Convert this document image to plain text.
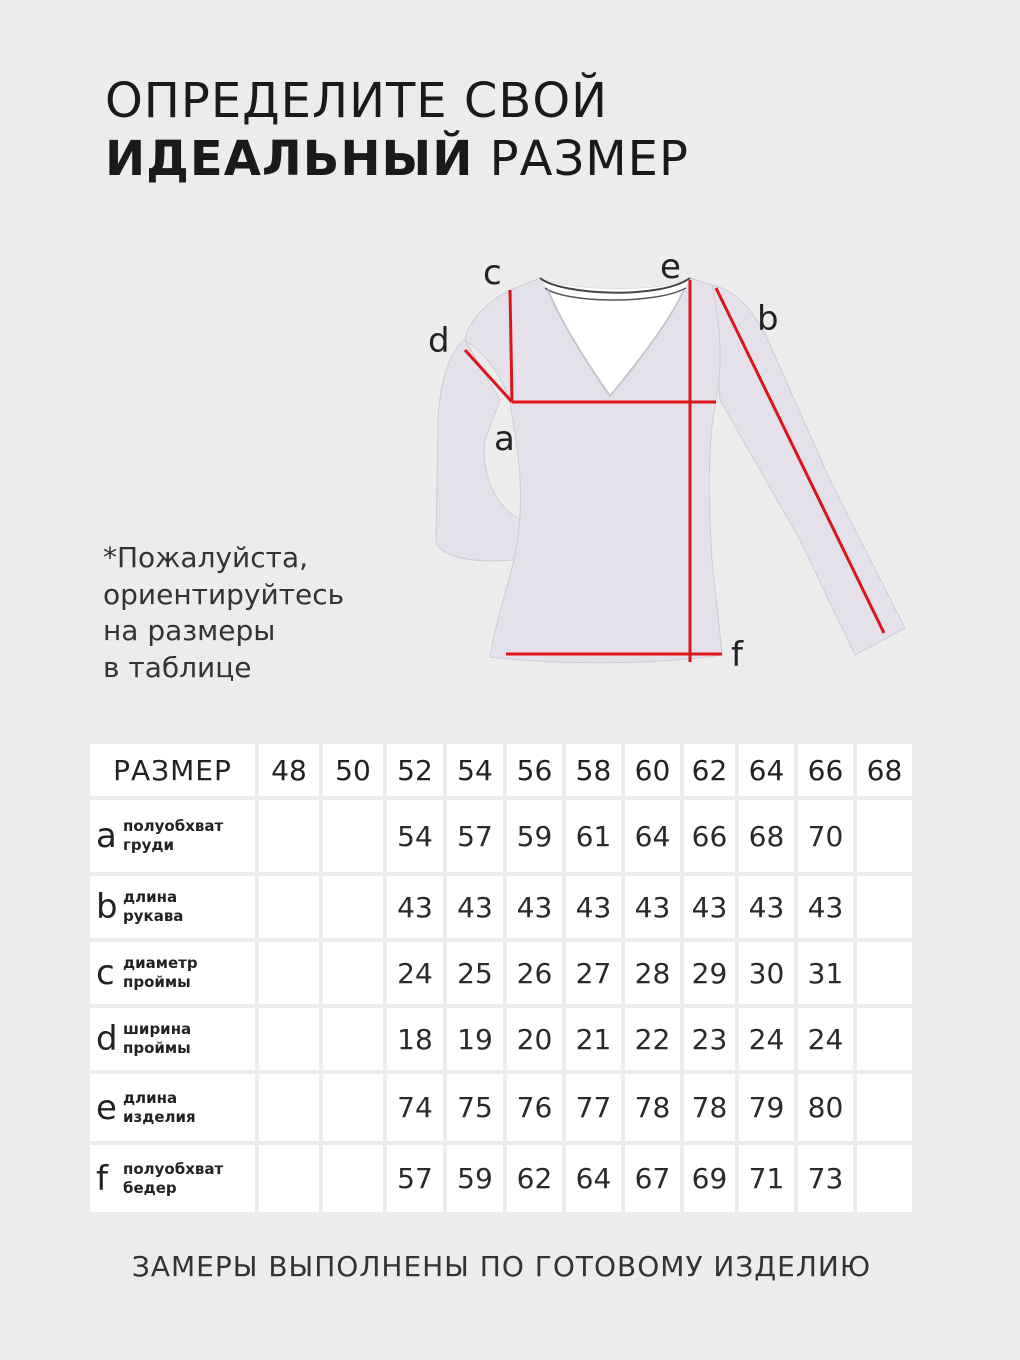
ОПРЕДЕЛИТЕ СВОЙ
ИДЕАЛЬНЫЙ РАЗМЕР
c	e
b
d
a
f
*Пожалуйста,
ориентируйтесь
на размеры
в таблице
РАЗМЕР	48	50	52	54	56	58	60	62	64	66	68

a полуобхват
груди			54	57	59	61	64	66	68	70	

b длина
рукава			43	43	43	43	43	43	43	43	

c диаметр
проймы			24	25	26	27	28	29	30	31	

d ширина
проймы			18	19	20	21	22	23	24	24	

e длина
изделия			74	75	76	77	78	78	79	80	

f полуобхват
бедер			57	59	62	64	67	69	71	73	
ЗАМЕРЫ ВЫПОЛНЕНЫ ПО ГОТОВОМУ ИЗДЕЛИЮ
